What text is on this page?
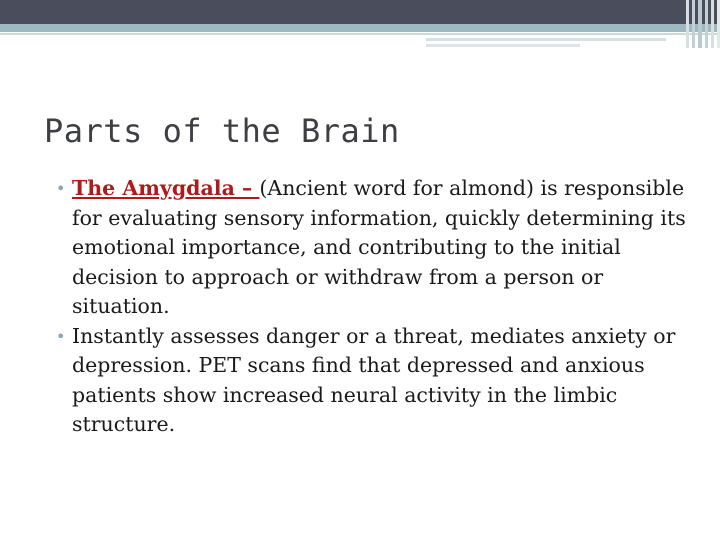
Parts of the Brain
• The Amygdala – (Ancient word for almond) is responsible for evaluating sensory information, quickly determining its emotional importance, and contributing to the initial decision to approach or withdraw from a person or situation.
• Instantly assesses danger or a threat, mediates anxiety or depression. PET scans find that depressed and anxious patients show increased neural activity in the limbic structure.
